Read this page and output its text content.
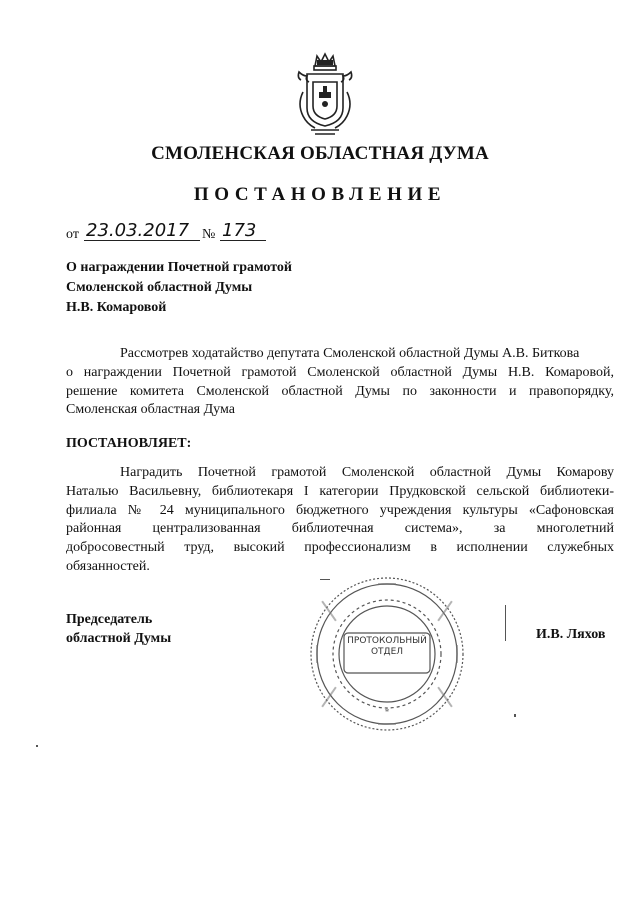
СМОЛЕНСКАЯ ОБЛАСТНАЯ ДУМА
ПОСТАНОВЛЕНИЕ
от 23.03.2017 № 173
О награждении Почетной грамотой
Смоленской областной Думы
Н.В. Комаровой
Рассмотрев ходатайство депутата Смоленской областной Думы А.В. Биткова
о награждении Почетной грамотой Смоленской областной Думы Н.В. Комаровой,
решение комитета Смоленской областной Думы по законности и правопорядку,
Смоленская областная Дума
ПОСТАНОВЛЯЕТ:
Наградить Почетной грамотой Смоленской областной Думы Комарову
Наталью Васильевну, библиотекаря I категории Прудковской сельской библиотеки-
филиала № 24 муниципального бюджетного учреждения культуры «Сафоновская
районная централизованная библиотечная система», за многолетний
добросовестный труд, высокий профессионализм в исполнении служебных
обязанностей.
Председатель
областной Думы	И.В. Ляхов
*
ПРОТОКОЛЬНЫЙ
ОТДЕЛ
